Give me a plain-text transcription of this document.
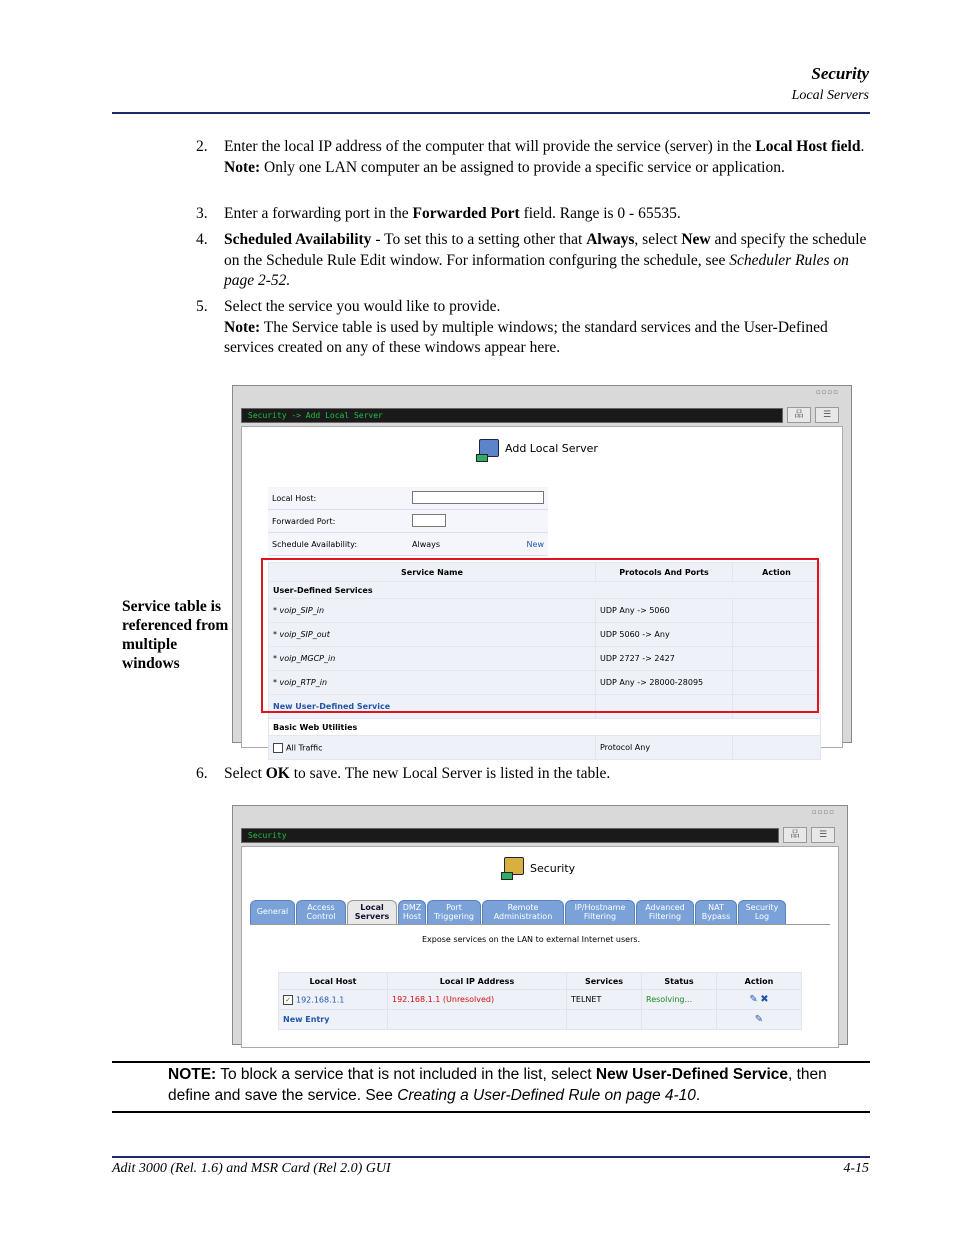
Security
Local Servers
2. Enter the local IP address of the computer that will provide the service (server) in the Local Host field. Note: Only one LAN computer an be assigned to provide a specific service or application.
3. Enter a forwarding port in the Forwarded Port field. Range is 0 - 65535.
4. Scheduled Availability - To set this to a setting other that Always, select New and specify the schedule on the Schedule Rule Edit window. For information confguring the schedule, see Scheduler Rules on page 2-52.
5. Select the service you would like to provide.
Note: The Service table is used by multiple windows; the standard services and the User-Defined services created on any of these windows appear here.
▫▫▫▫
Security -> Add Local Server	品	☰
Add Local Server
Local Host:	
Forwarded Port:	
Schedule Availability:	Always New
Service Name	Protocols And Ports	Action
User-Defined Services		
* voip_SIP_in	UDP Any -> 5060	
* voip_SIP_out	UDP 5060 -> Any	
* voip_MGCP_in	UDP 2727 -> 2427	
* voip_RTP_in	UDP Any -> 28000-28095	
New User-Defined Service		
Basic Web Utilities		
All Traffic	Protocol Any	
Service table is referenced from multiple windows
6. Select OK to save. The new Local Server is listed in the table.
▫▫▫▫
Security	品	☰
Security
General	Access Control
Local Servers
DMZ Host
Port Triggering
Remote Administration
IP/Hostname Filtering
Advanced Filtering
NAT Bypass
Security Log
Expose services on the LAN to external Internet users.
Local Host	Local IP Address	Services	Status	Action
✓ 192.168.1.1	192.168.1.1 (Unresolved)	TELNET	Resolving...	✎ ✖
New Entry				✎
NOTE: To block a service that is not included in the list, select New User-Defined Service, then define and save the service. See Creating a User-Defined Rule on page 4-10.
Adit 3000 (Rel. 1.6) and MSR Card (Rel 2.0) GUI	4-15
